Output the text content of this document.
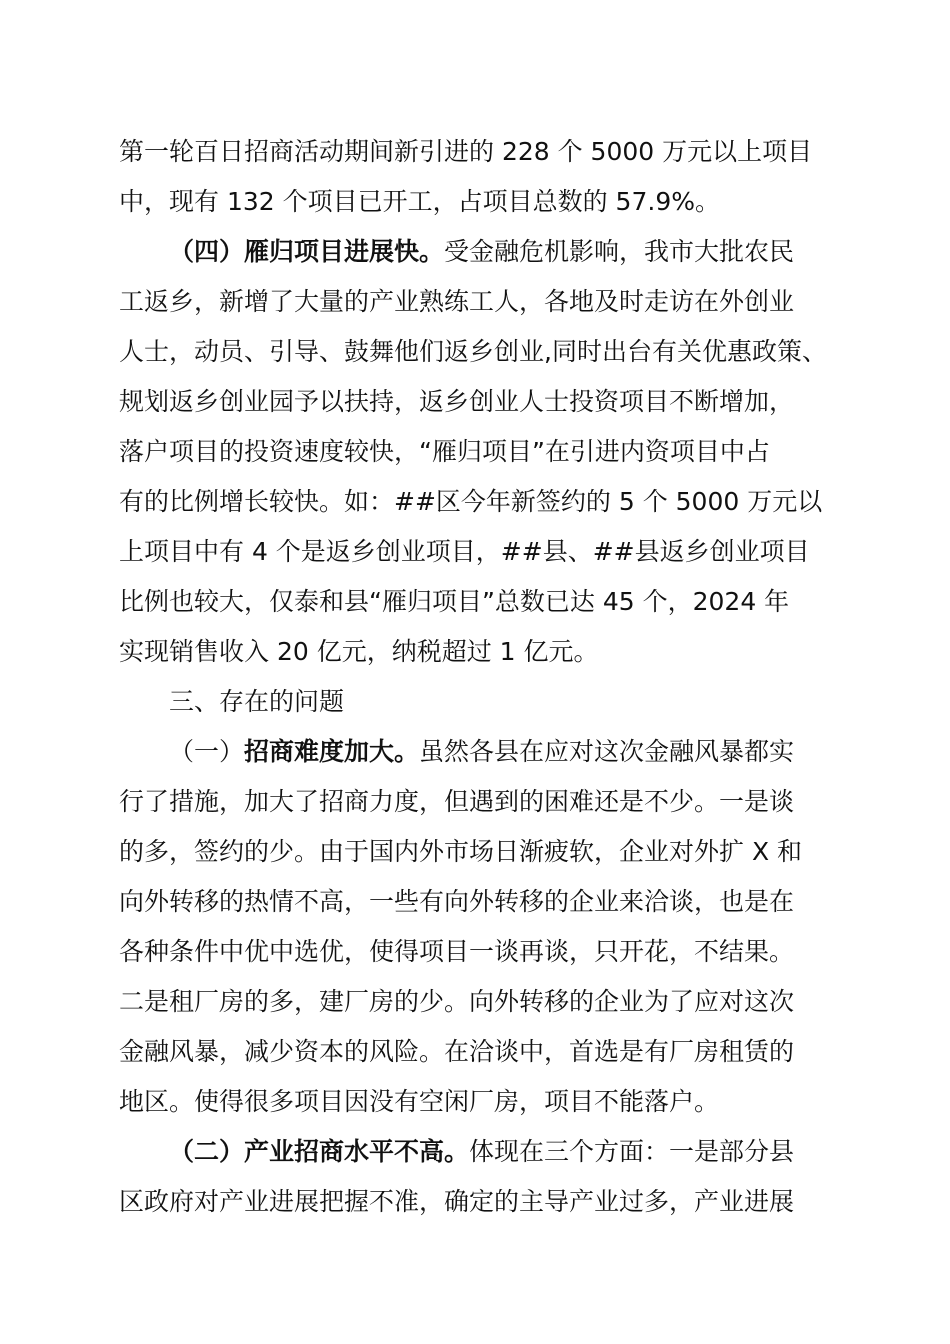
第一轮百日招商活动期间新引进的 228 个 5000 万元以上项目
中，现有 132 个项目已开工，占项目总数的 57.9%。
（四）雁归项目进展快。受金融危机影响，我市大批农民
工返乡，新增了大量的产业熟练工人，各地及时走访在外创业
人士，动员、引导、鼓舞他们返乡创业,同时出台有关优惠政策、
规划返乡创业园予以扶持，返乡创业人士投资项目不断增加，
落户项目的投资速度较快，“雁归项目”在引进内资项目中占
有的比例增长较快。如：##区今年新签约的 5 个 5000 万元以
上项目中有 4 个是返乡创业项目，##县、##县返乡创业项目
比例也较大，仅泰和县“雁归项目”总数已达 45 个，2024 年
实现销售收入 20 亿元，纳税超过 1 亿元。
三、存在的问题
（一）招商难度加大。虽然各县在应对这次金融风暴都实
行了措施，加大了招商力度，但遇到的困难还是不少。一是谈
的多，签约的少。由于国内外市场日渐疲软，企业对外扩 X 和
向外转移的热情不高，一些有向外转移的企业来洽谈，也是在
各种条件中优中选优，使得项目一谈再谈，只开花，不结果。
二是租厂房的多，建厂房的少。向外转移的企业为了应对这次
金融风暴，减少资本的风险。在洽谈中，首选是有厂房租赁的
地区。使得很多项目因没有空闲厂房，项目不能落户。
（二）产业招商水平不高。体现在三个方面：一是部分县
区政府对产业进展把握不准，确定的主导产业过多，产业进展
